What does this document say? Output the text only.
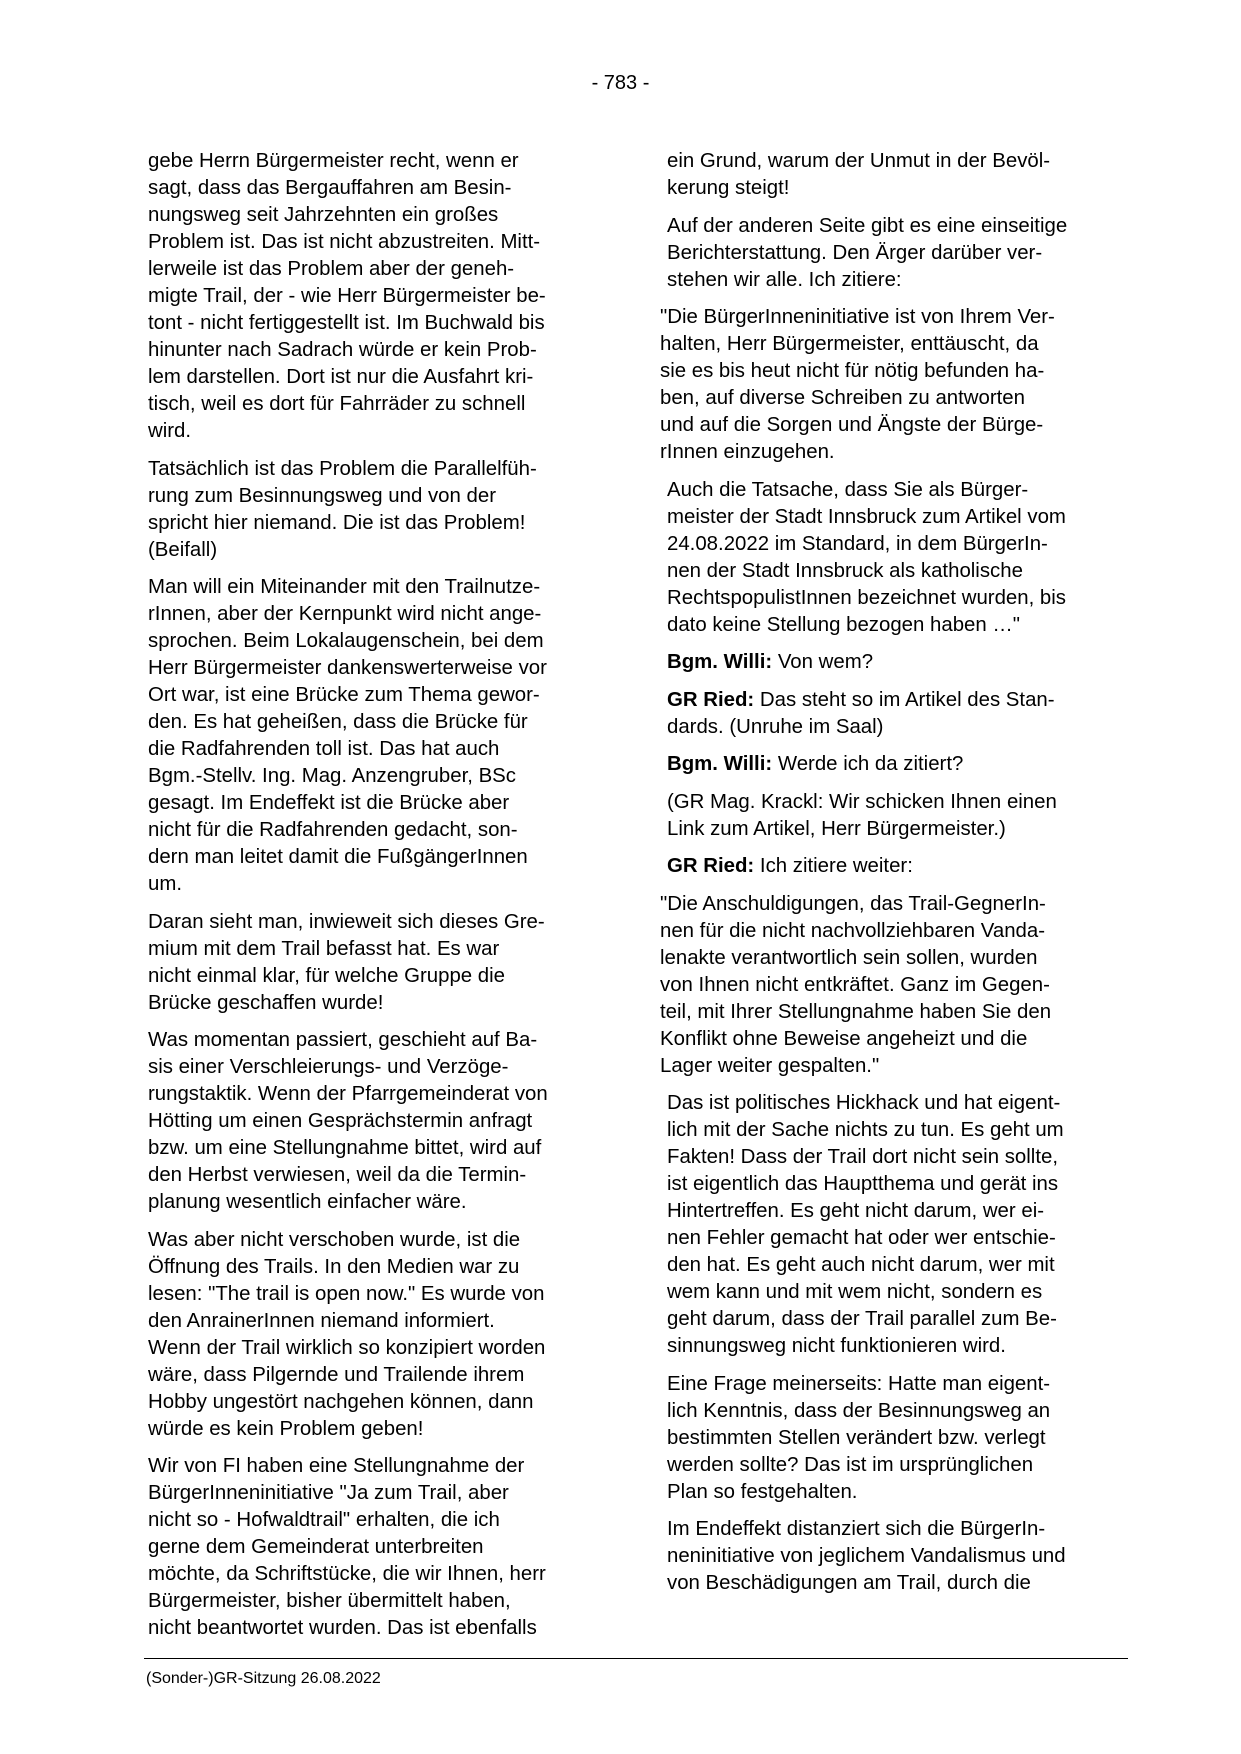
- 783 -

gebe Herrn Bürgermeister recht, wenn er
sagt, dass das Bergauffahren am Besin-
nungsweg seit Jahrzehnten ein großes
Problem ist. Das ist nicht abzustreiten. Mitt-
lerweile ist das Problem aber der geneh-
migte Trail, der - wie Herr Bürgermeister be-
tont - nicht fertiggestellt ist. Im Buchwald bis
hinunter nach Sadrach würde er kein Prob-
lem darstellen. Dort ist nur die Ausfahrt kri-
tisch, weil es dort für Fahrräder zu schnell
wird.

Tatsächlich ist das Problem die Parallelfüh-
rung zum Besinnungsweg und von der
spricht hier niemand. Die ist das Problem!
(Beifall)

Man will ein Miteinander mit den Trailnutze-
rInnen, aber der Kernpunkt wird nicht ange-
sprochen. Beim Lokalaugenschein, bei dem
Herr Bürgermeister dankenswerterweise vor
Ort war, ist eine Brücke zum Thema gewor-
den. Es hat geheißen, dass die Brücke für
die Radfahrenden toll ist. Das hat auch
Bgm.-Stellv. Ing. Mag. Anzengruber, BSc
gesagt. Im Endeffekt ist die Brücke aber
nicht für die Radfahrenden gedacht, son-
dern man leitet damit die FußgängerInnen
um.

Daran sieht man, inwieweit sich dieses Gre-
mium mit dem Trail befasst hat. Es war
nicht einmal klar, für welche Gruppe die
Brücke geschaffen wurde!

Was momentan passiert, geschieht auf Ba-
sis einer Verschleierungs- und Verzöge-
rungstaktik. Wenn der Pfarrgemeinderat von
Hötting um einen Gesprächstermin anfragt
bzw. um eine Stellungnahme bittet, wird auf
den Herbst verwiesen, weil da die Termin-
planung wesentlich einfacher wäre.

Was aber nicht verschoben wurde, ist die
Öffnung des Trails. In den Medien war zu
lesen: "The trail is open now." Es wurde von
den AnrainerInnen niemand informiert.
Wenn der Trail wirklich so konzipiert worden
wäre, dass Pilgernde und Trailende ihrem
Hobby ungestört nachgehen können, dann
würde es kein Problem geben!

Wir von FI haben eine Stellungnahme der
BürgerInneninitiative "Ja zum Trail, aber
nicht so - Hofwaldtrail" erhalten, die ich
gerne dem Gemeinderat unterbreiten
möchte, da Schriftstücke, die wir Ihnen, herr
Bürgermeister, bisher übermittelt haben,
nicht beantwortet wurden. Das ist ebenfalls

ein Grund, warum der Unmut in der Bevöl-
kerung steigt!

Auf der anderen Seite gibt es eine einseitige
Berichterstattung. Den Ärger darüber ver-
stehen wir alle. Ich zitiere:

"Die BürgerInneninitiative ist von Ihrem Ver-
halten, Herr Bürgermeister, enttäuscht, da
sie es bis heut nicht für nötig befunden ha-
ben, auf diverse Schreiben zu antworten
und auf die Sorgen und Ängste der Bürge-
rInnen einzugehen.

Auch die Tatsache, dass Sie als Bürger-
meister der Stadt Innsbruck zum Artikel vom
24.08.2022 im Standard, in dem BürgerIn-
nen der Stadt Innsbruck als katholische
RechtspopulistInnen bezeichnet wurden, bis
dato keine Stellung bezogen haben …"

Bgm. Willi: Von wem?

GR Ried: Das steht so im Artikel des Stan-
dards. (Unruhe im Saal)

Bgm. Willi: Werde ich da zitiert?

(GR Mag. Krackl: Wir schicken Ihnen einen
Link zum Artikel, Herr Bürgermeister.)

GR Ried: Ich zitiere weiter:

"Die Anschuldigungen, das Trail-GegnerIn-
nen für die nicht nachvollziehbaren Vanda-
lenakte verantwortlich sein sollen, wurden
von Ihnen nicht entkräftet. Ganz im Gegen-
teil, mit Ihrer Stellungnahme haben Sie den
Konflikt ohne Beweise angeheizt und die
Lager weiter gespalten."

Das ist politisches Hickhack und hat eigent-
lich mit der Sache nichts zu tun. Es geht um
Fakten! Dass der Trail dort nicht sein sollte,
ist eigentlich das Hauptthema und gerät ins
Hintertreffen. Es geht nicht darum, wer ei-
nen Fehler gemacht hat oder wer entschie-
den hat. Es geht auch nicht darum, wer mit
wem kann und mit wem nicht, sondern es
geht darum, dass der Trail parallel zum Be-
sinnungsweg nicht funktionieren wird.

Eine Frage meinerseits: Hatte man eigent-
lich Kenntnis, dass der Besinnungsweg an
bestimmten Stellen verändert bzw. verlegt
werden sollte? Das ist im ursprünglichen
Plan so festgehalten.

Im Endeffekt distanziert sich die BürgerIn-
neninitiative von jeglichem Vandalismus und
von Beschädigungen am Trail, durch die

(Sonder-)GR-Sitzung 26.08.2022
